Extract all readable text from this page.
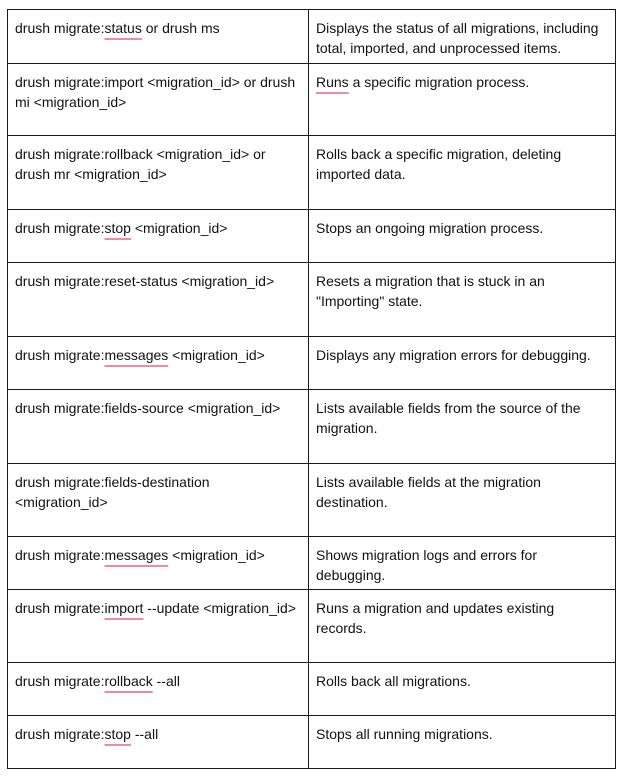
drush migrate:status or drush ms	Displays the status of all migrations, including total, imported, and unprocessed items.
drush migrate:import <migration_id> or drush mi <migration_id>	Runs a specific migration process.
drush migrate:rollback <migration_id> or drush mr <migration_id>	Rolls back a specific migration, deleting imported data.
drush migrate:stop <migration_id>	Stops an ongoing migration process.
drush migrate:reset-status <migration_id>	Resets a migration that is stuck in an "Importing" state.
drush migrate:messages <migration_id>	Displays any migration errors for debugging.
drush migrate:fields-source <migration_id>	Lists available fields from the source of the migration.
drush migrate:fields-destination <migration_id>	Lists available fields at the migration destination.
drush migrate:messages <migration_id>	Shows migration logs and errors for debugging.
drush migrate:import --update <migration_id>	Runs a migration and updates existing records.
drush migrate:rollback --all	Rolls back all migrations.
drush migrate:stop --all	Stops all running migrations.
